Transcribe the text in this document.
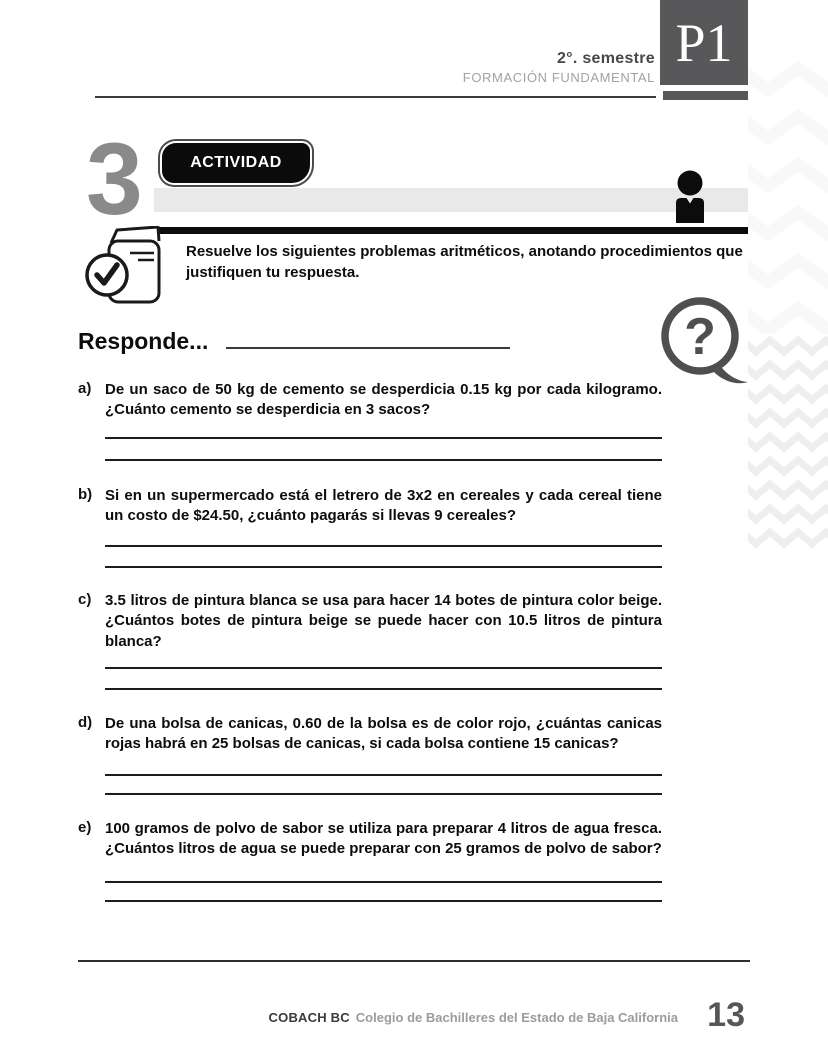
2°. semestre
FORMACIÓN FUNDAMENTAL
P1
3	ACTIVIDAD
Resuelve los siguientes problemas aritméticos, anotando procedimientos que justifiquen tu respuesta.
Responde...	?
a) De un saco de 50 kg de cemento se desperdicia 0.15 kg por cada kilogramo. ¿Cuánto cemento se desperdicia en 3 sacos?
b) Si en un supermercado está el letrero de 3x2 en cereales y cada cereal tiene un costo de $24.50, ¿cuánto pagarás si llevas 9 cereales?
c) 3.5 litros de pintura blanca se usa para hacer 14 botes de pintura color beige. ¿Cuántos botes de pintura beige se puede hacer con 10.5 litros de pintura blanca?
d) De una bolsa de canicas, 0.60 de la bolsa es de color rojo, ¿cuántas canicas rojas habrá en 25 bolsas de canicas, si cada bolsa contiene 15 canicas?
e) 100 gramos de polvo de sabor se utiliza para preparar 4 litros de agua fresca. ¿Cuántos litros de agua se puede preparar con 25 gramos de polvo de sabor?
COBACH BC Colegio de Bachilleres del Estado de Baja California 13
